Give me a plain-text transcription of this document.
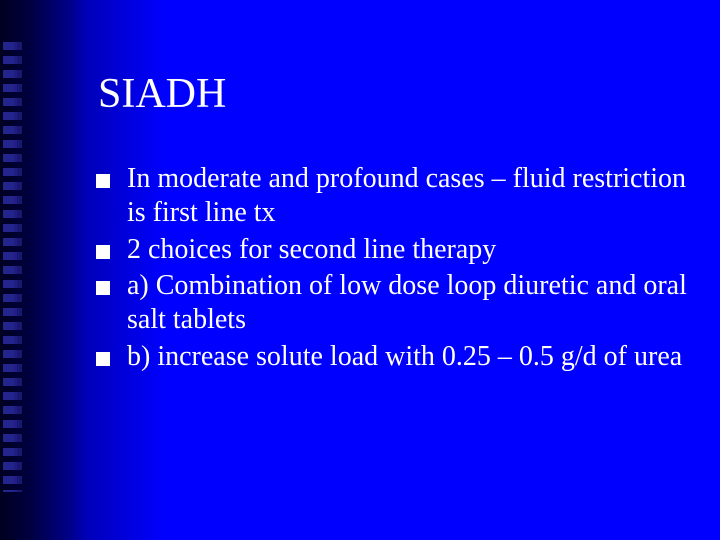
SIADH
In moderate and profound cases – fluid restriction is first line tx
2 choices for second line therapy
a) Combination of low dose loop diuretic and oral salt tablets
b) increase solute load with 0.25 – 0.5 g/d of urea
